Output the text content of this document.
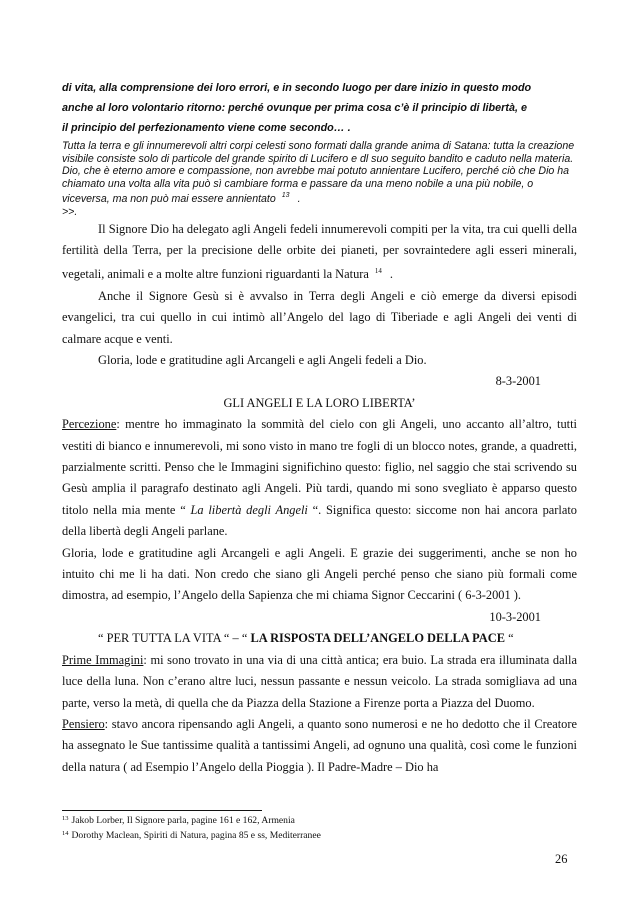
di vita, alla comprensione dei loro errori, e in secondo luogo per dare inizio in questo modo

anche al loro volontario ritorno: perché ovunque per prima cosa c’è il principio di libertà, e

il principio del perfezionamento viene come secondo… .

Tutta la terra e gli innumerevoli altri corpi celesti sono formati dalla grande anima di Satana: tutta la creazione visibile consiste solo di particole del grande spirito di Lucifero e dl suo seguito bandito e caduto nella materia. Dio, che è eterno amore e compassione, non avrebbe mai potuto annientare Lucifero, perché ciò che Dio ha chiamato una volta alla vita può sì cambiare forma e passare da una meno nobile a una più nobile, o viceversa, ma non può mai essere annientato $^{13}$ .
>>.

Il Signore Dio ha delegato agli Angeli fedeli innumerevoli compiti per la vita, tra cui quelli della fertilità della Terra, per la precisione delle orbite dei pianeti, per sovraintedere agli esseri minerali, vegetali, animali e a molte altre funzioni riguardanti la Natura $^{14}$ .

Anche il Signore Gesù si è avvalso in Terra degli Angeli e ciò emerge da diversi episodi evangelici, tra cui quello in cui intimò all’Angelo del lago di Tiberiade e agli Angeli dei venti di calmare acque e venti.

Gloria, lode e gratitudine agli Arcangeli e agli Angeli fedeli a Dio.

8-3-2001

GLI ANGELI E LA LORO LIBERTA’

Percezione: mentre ho immaginato la sommità del cielo con gli Angeli, uno accanto all’altro, tutti vestiti di bianco e innumerevoli, mi sono visto in mano tre fogli di un blocco notes, grande, a quadretti, parzialmente scritti. Penso che le Immagini significhino questo: figlio, nel saggio che stai scrivendo su Gesù amplia il paragrafo destinato agli Angeli. Più tardi, quando mi sono svegliato è apparso questo titolo nella mia mente “ La libertà degli Angeli “. Significa questo: siccome non hai ancora parlato della libertà degli Angeli parlane.

Gloria, lode e gratitudine agli Arcangeli e agli Angeli. E grazie dei suggerimenti, anche se non ho intuito chi me li ha dati. Non credo che siano gli Angeli perché penso che siano più formali come dimostra, ad esempio, l’Angelo della Sapienza che mi chiama Signor Ceccarini ( 6-3-2001 ).

10-3-2001

“ PER TUTTA LA VITA “ – “ LA RISPOSTA DELL’ANGELO DELLA PACE “

Prime Immagini: mi sono trovato in una via di una città antica; era buio. La strada era illuminata dalla luce della luna. Non c’erano altre luci, nessun passante e nessun veicolo. La strada somigliava ad una parte, verso la metà, di quella che da Piazza della Stazione a Firenze porta a Piazza del Duomo.

Pensiero: stavo ancora ripensando agli Angeli, a quanto sono numerosi e ne ho dedotto che il Creatore ha assegnato le Sue tantissime qualità a tantissimi Angeli, ad ognuno una qualità, così come le funzioni della natura ( ad Esempio l’Angelo della Pioggia ). Il Padre-Madre – Dio ha

$^{13}$ Jakob Lorber, Il Signore parla, pagine 161 e 162, Armenia
$^{14}$ Dorothy Maclean, Spiriti di Natura, pagina 85 e ss, Mediterranee
26
